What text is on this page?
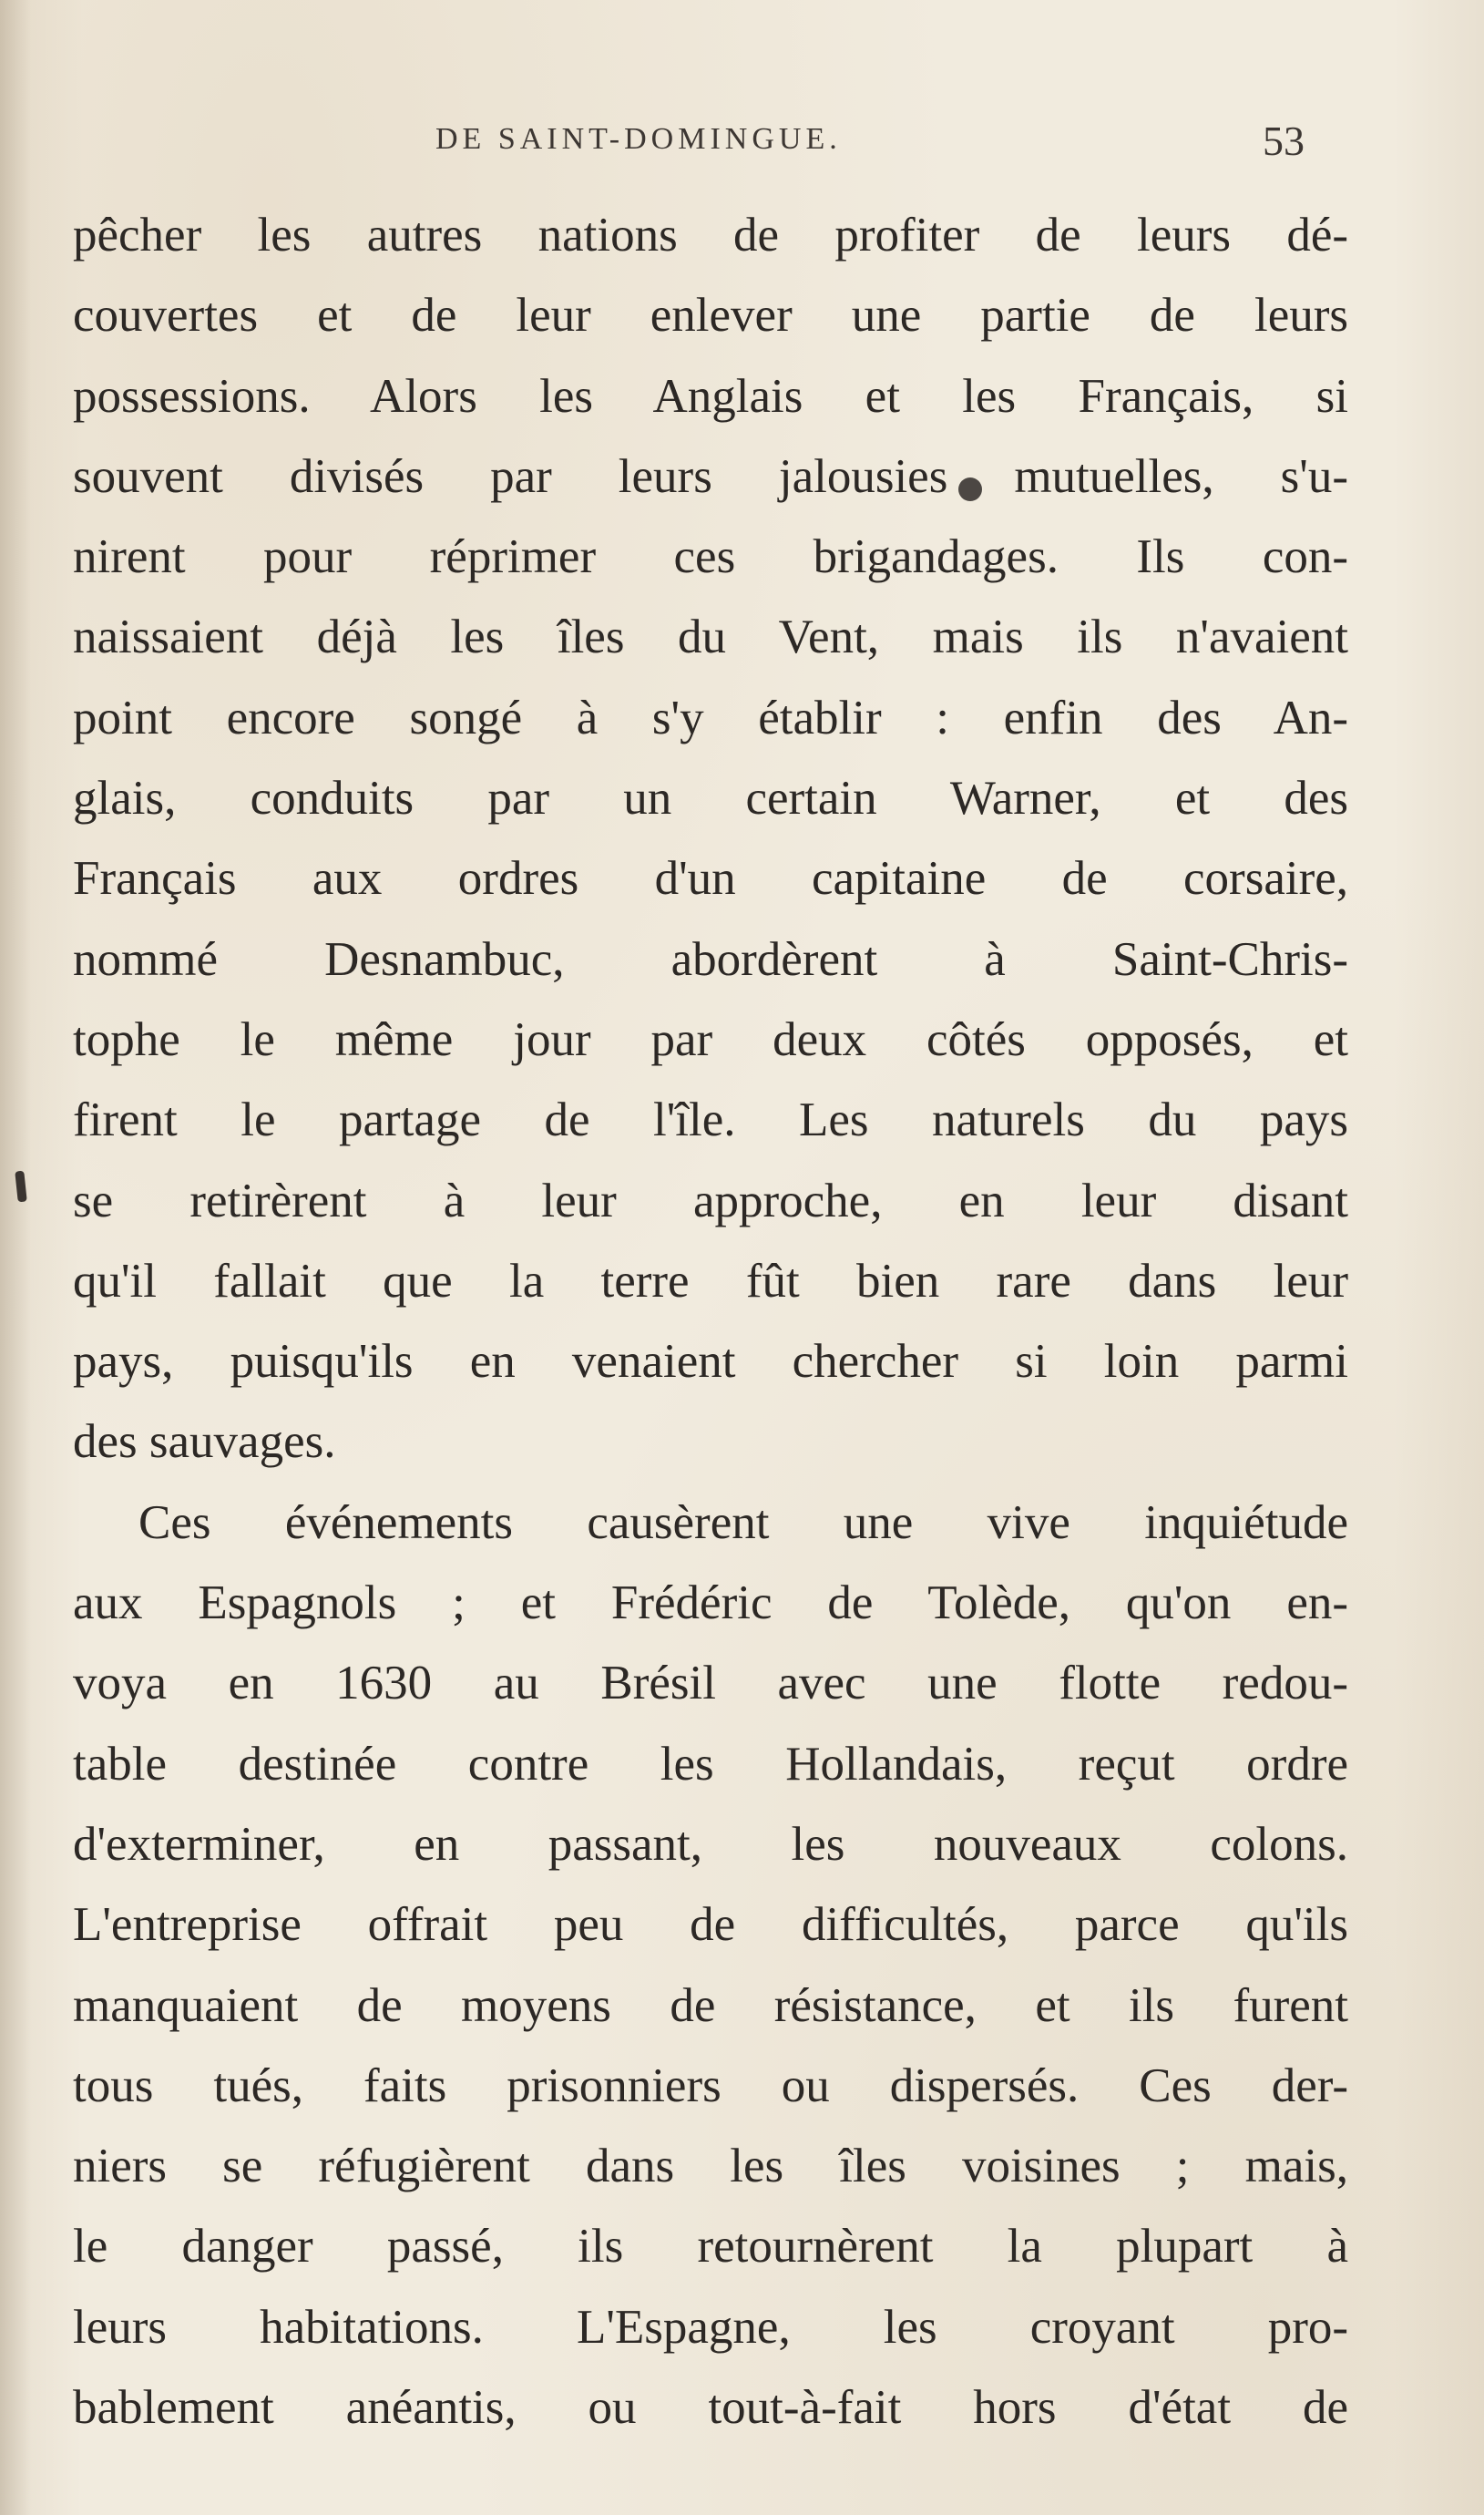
DE SAINT-DOMINGUE.	53
pêcher les autres nations de profiter de leurs dé-
couvertes et de leur enlever une partie de leurs
possessions. Alors les Anglais et les Français, si
souvent divisés par leurs jalousies mutuelles, s'u-
nirent pour réprimer ces brigandages. Ils con-
naissaient déjà les îles du Vent, mais ils n'avaient
point encore songé à s'y établir : enfin des An-
glais, conduits par un certain Warner, et des
Français aux ordres d'un capitaine de corsaire,
nommé Desnambuc, abordèrent à Saint-Chris-
tophe le même jour par deux côtés opposés, et
firent le partage de l'île. Les naturels du pays
se retirèrent à leur approche, en leur disant
qu'il fallait que la terre fût bien rare dans leur
pays, puisqu'ils en venaient chercher si loin parmi
des sauvages.
Ces événements causèrent une vive inquiétude
aux Espagnols ; et Frédéric de Tolède, qu'on en-
voya en 1630 au Brésil avec une flotte redou-
table destinée contre les Hollandais, reçut ordre
d'exterminer, en passant, les nouveaux colons.
L'entreprise offrait peu de difficultés, parce qu'ils
manquaient de moyens de résistance, et ils furent
tous tués, faits prisonniers ou dispersés. Ces der-
niers se réfugièrent dans les îles voisines ; mais,
le danger passé, ils retournèrent la plupart à
leurs habitations. L'Espagne, les croyant pro-
bablement anéantis, ou tout-à-fait hors d'état de
